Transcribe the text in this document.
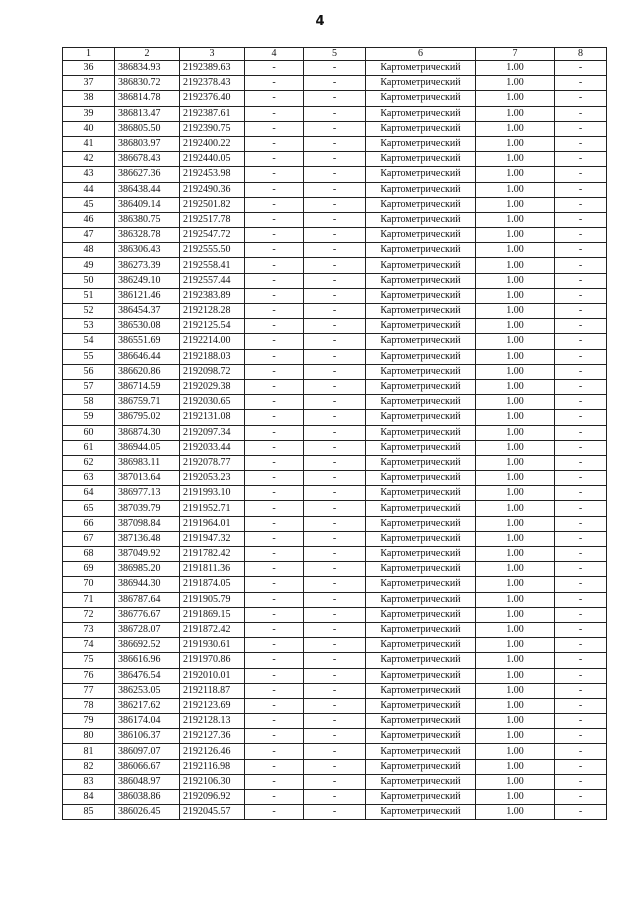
4
1	2	3	4	5	6	7	8
36	386834.93	2192389.63	-	-	Картометрический	1.00	-
37	386830.72	2192378.43	-	-	Картометрический	1.00	-
38	386814.78	2192376.40	-	-	Картометрический	1.00	-
39	386813.47	2192387.61	-	-	Картометрический	1.00	-
40	386805.50	2192390.75	-	-	Картометрический	1.00	-
41	386803.97	2192400.22	-	-	Картометрический	1.00	-
42	386678.43	2192440.05	-	-	Картометрический	1.00	-
43	386627.36	2192453.98	-	-	Картометрический	1.00	-
44	386438.44	2192490.36	-	-	Картометрический	1.00	-
45	386409.14	2192501.82	-	-	Картометрический	1.00	-
46	386380.75	2192517.78	-	-	Картометрический	1.00	-
47	386328.78	2192547.72	-	-	Картометрический	1.00	-
48	386306.43	2192555.50	-	-	Картометрический	1.00	-
49	386273.39	2192558.41	-	-	Картометрический	1.00	-
50	386249.10	2192557.44	-	-	Картометрический	1.00	-
51	386121.46	2192383.89	-	-	Картометрический	1.00	-
52	386454.37	2192128.28	-	-	Картометрический	1.00	-
53	386530.08	2192125.54	-	-	Картометрический	1.00	-
54	386551.69	2192214.00	-	-	Картометрический	1.00	-
55	386646.44	2192188.03	-	-	Картометрический	1.00	-
56	386620.86	2192098.72	-	-	Картометрический	1.00	-
57	386714.59	2192029.38	-	-	Картометрический	1.00	-
58	386759.71	2192030.65	-	-	Картометрический	1.00	-
59	386795.02	2192131.08	-	-	Картометрический	1.00	-
60	386874.30	2192097.34	-	-	Картометрический	1.00	-
61	386944.05	2192033.44	-	-	Картометрический	1.00	-
62	386983.11	2192078.77	-	-	Картометрический	1.00	-
63	387013.64	2192053.23	-	-	Картометрический	1.00	-
64	386977.13	2191993.10	-	-	Картометрический	1.00	-
65	387039.79	2191952.71	-	-	Картометрический	1.00	-
66	387098.84	2191964.01	-	-	Картометрический	1.00	-
67	387136.48	2191947.32	-	-	Картометрический	1.00	-
68	387049.92	2191782.42	-	-	Картометрический	1.00	-
69	386985.20	2191811.36	-	-	Картометрический	1.00	-
70	386944.30	2191874.05	-	-	Картометрический	1.00	-
71	386787.64	2191905.79	-	-	Картометрический	1.00	-
72	386776.67	2191869.15	-	-	Картометрический	1.00	-
73	386728.07	2191872.42	-	-	Картометрический	1.00	-
74	386692.52	2191930.61	-	-	Картометрический	1.00	-
75	386616.96	2191970.86	-	-	Картометрический	1.00	-
76	386476.54	2192010.01	-	-	Картометрический	1.00	-
77	386253.05	2192118.87	-	-	Картометрический	1.00	-
78	386217.62	2192123.69	-	-	Картометрический	1.00	-
79	386174.04	2192128.13	-	-	Картометрический	1.00	-
80	386106.37	2192127.36	-	-	Картометрический	1.00	-
81	386097.07	2192126.46	-	-	Картометрический	1.00	-
82	386066.67	2192116.98	-	-	Картометрический	1.00	-
83	386048.97	2192106.30	-	-	Картометрический	1.00	-
84	386038.86	2192096.92	-	-	Картометрический	1.00	-
85	386026.45	2192045.57	-	-	Картометрический	1.00	-
